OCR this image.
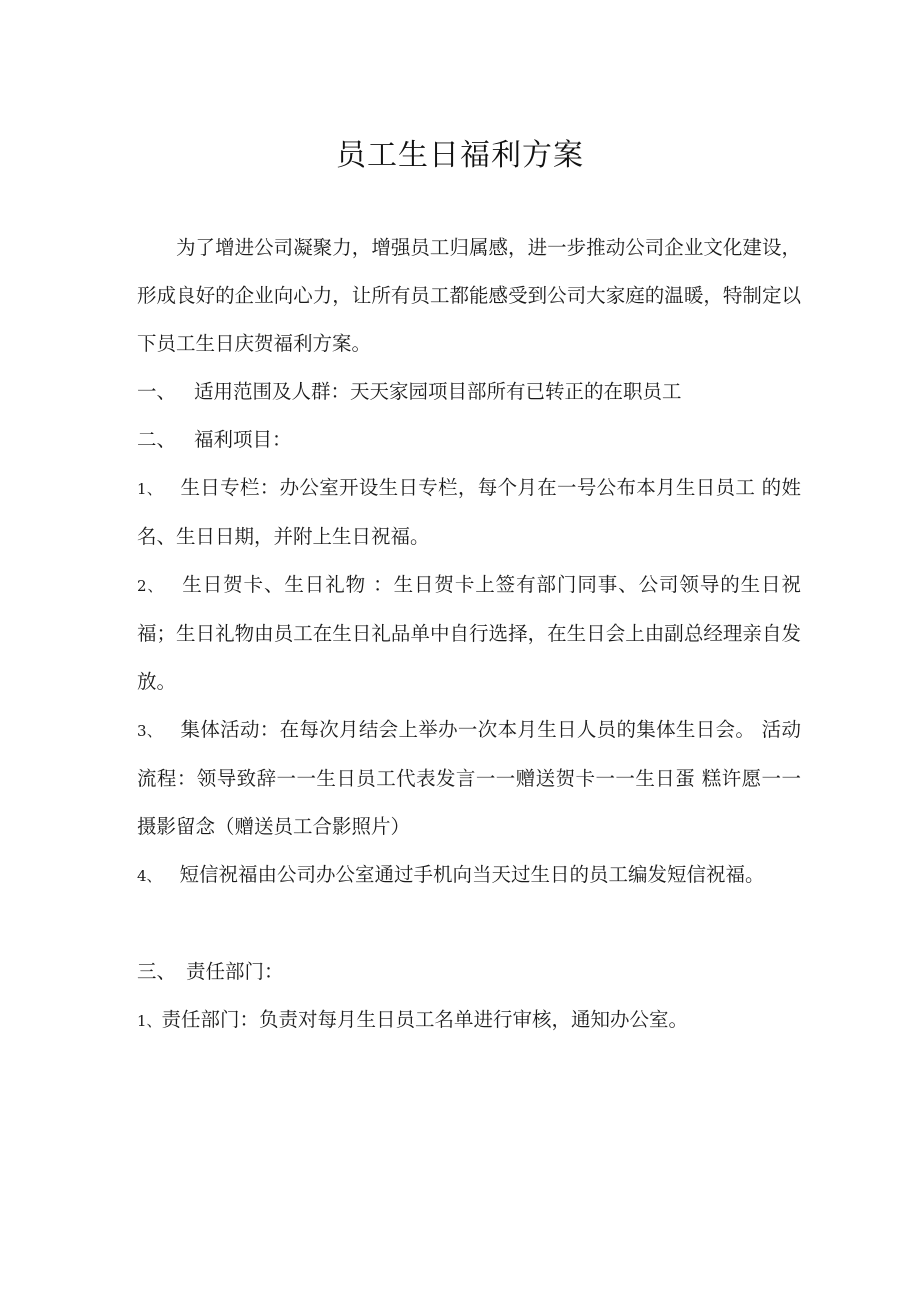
员工生日福利方案

为了增进公司凝聚力，增强员工归属感，进一步推动公司企业文化建设，形成良好的企业向心力，让所有员工都能感受到公司大家庭的温暖，特制定以下员工生日庆贺福利方案。

一、 适用范围及人群：天天家园项目部所有已转正的在职员工

二、 福利项目：

1、 生日专栏：办公室开设生日专栏，每个月在一号公布本月生日员工 的姓名、生日日期，并附上生日祝福。

2、 生日贺卡、生日礼物 ：生日贺卡上签有部门同事、公司领导的生日祝福；生日礼物由员工在生日礼品单中自行选择，在生日会上由副总经理亲自发放。

3、 集体活动：在每次月结会上举办一次本月生日人员的集体生日会。 活动流程：领导致辞一一生日员工代表发言一一赠送贺卡一一生日蛋 糕许愿一一摄影留念（赠送员工合影照片）

4、 短信祝福由公司办公室通过手机向当天过生日的员工编发短信祝福。

三、 责任部门：

1、责任部门：负责对每月生日员工名单进行审核，通知办公室。
